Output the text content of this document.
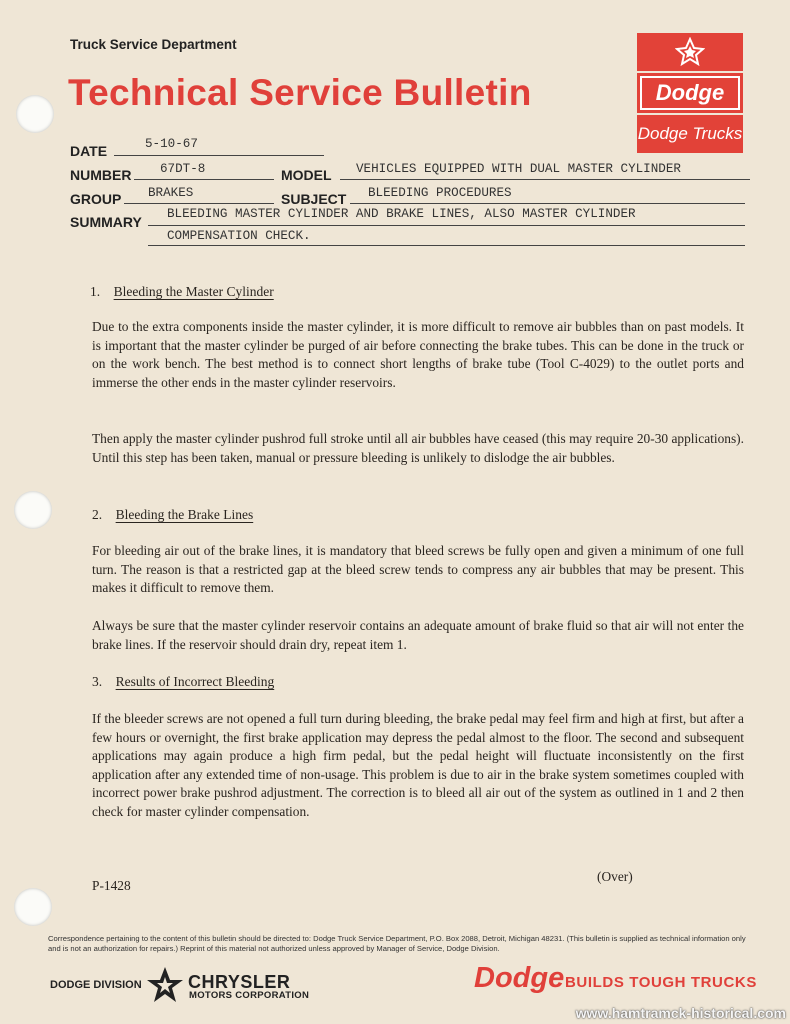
Truck Service Department
Technical Service Bulletin	Dodge
Dodge Trucks
DATE	5-10-67
NUMBER 67DT-8	MODEL VEHICLES EQUIPPED WITH DUAL MASTER CYLINDER
GROUP BRAKES	SUBJECT BLEEDING PROCEDURES
SUMMARY BLEEDING MASTER CYLINDER AND BRAKE LINES, ALSO MASTER CYLINDER
COMPENSATION CHECK.
1. Bleeding the Master Cylinder
Due to the extra components inside the master cylinder, it is more difficult to remove air bubbles than on past models. It is important that the master cylinder be purged of air before connecting the brake tubes. This can be done in the truck or on the work bench. The best method is to connect short lengths of brake tube (Tool C-4029) to the outlet ports and immerse the other ends in the master cylinder reservoirs.
Then apply the master cylinder pushrod full stroke until all air bubbles have ceased (this may require 20-30 applications). Until this step has been taken, manual or pressure bleeding is unlikely to dislodge the air bubbles.
2. Bleeding the Brake Lines
For bleeding air out of the brake lines, it is mandatory that bleed screws be fully open and given a minimum of one full turn. The reason is that a restricted gap at the bleed screw tends to compress any air bubbles that may be present. This makes it difficult to remove them.
Always be sure that the master cylinder reservoir contains an adequate amount of brake fluid so that air will not enter the brake lines. If the reservoir should drain dry, repeat item 1.
3. Results of Incorrect Bleeding
If the bleeder screws are not opened a full turn during bleeding, the brake pedal may feel firm and high at first, but after a few hours or overnight, the first brake application may depress the pedal almost to the floor. The second and subsequent applications may again produce a high firm pedal, but the pedal height will fluctuate inconsistently on the first application after any extended time of non-usage. This problem is due to air in the brake system sometimes coupled with incorrect power brake pushrod adjustment. The correction is to bleed all air out of the system as outlined in 1 and 2 then check for master cylinder compensation.
P-1428
(Over)
Correspondence pertaining to the content of this bulletin should be directed to: Dodge Truck Service Department, P.O. Box 2088, Detroit, Michigan 48231. (This bulletin is supplied as technical information only and is not an authorization for repairs.) Reprint of this material not authorized unless approved by Manager of Service, Dodge Division.
DODGE DIVISION	CHRYSLER
MOTORS CORPORATION
Dodge BUILDS TOUGH TRUCKS
www.hamtramck-historical.com
